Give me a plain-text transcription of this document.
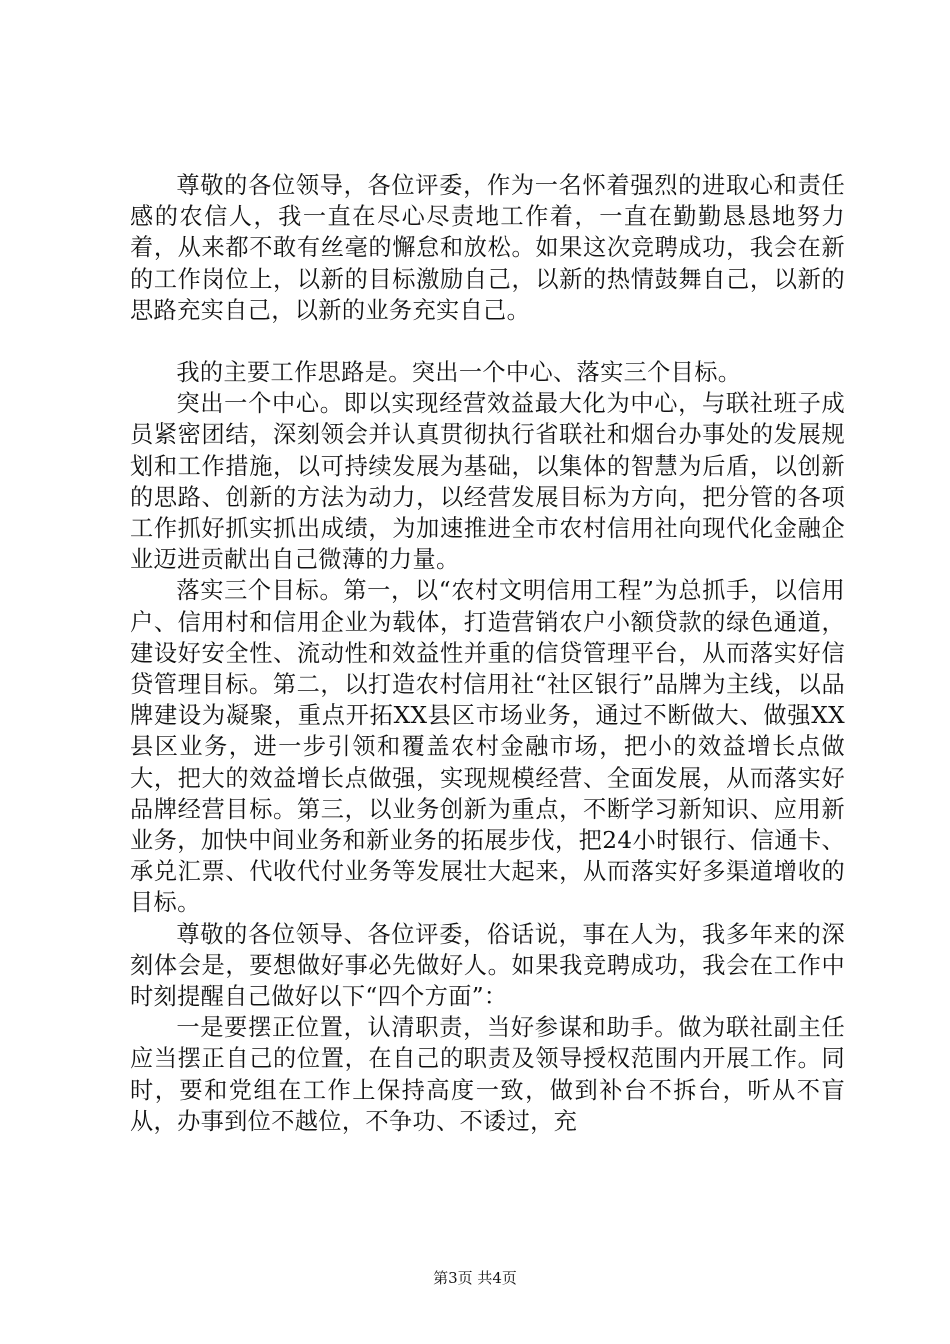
尊敬的各位领导，各位评委，作为一名怀着强烈的进取心和责任感的农信人，我一直在尽心尽责地工作着，一直在勤勤恳恳地努力着，从来都不敢有丝毫的懈怠和放松。如果这次竞聘成功，我会在新的工作岗位上，以新的目标激励自己，以新的热情鼓舞自己，以新的思路充实自己，以新的业务充实自己。

我的主要工作思路是。突出一个中心、落实三个目标。

突出一个中心。即以实现经营效益最大化为中心，与联社班子成员紧密团结，深刻领会并认真贯彻执行省联社和烟台办事处的发展规划和工作措施，以可持续发展为基础，以集体的智慧为后盾，以创新的思路、创新的方法为动力，以经营发展目标为方向，把分管的各项工作抓好抓实抓出成绩，为加速推进全市农村信用社向现代化金融企业迈进贡献出自己微薄的力量。

落实三个目标。第一，以“农村文明信用工程”为总抓手，以信用户、信用村和信用企业为载体，打造营销农户小额贷款的绿色通道，建设好安全性、流动性和效益性并重的信贷管理平台，从而落实好信贷管理目标。第二，以打造农村信用社“社区银行”品牌为主线，以品牌建设为凝聚，重点开拓XX县区市场业务，通过不断做大、做强XX县区业务，进一步引领和覆盖农村金融市场，把小的效益增长点做大，把大的效益增长点做强，实现规模经营、全面发展，从而落实好品牌经营目标。第三，以业务创新为重点，不断学习新知识、应用新业务，加快中间业务和新业务的拓展步伐，把24小时银行、信通卡、承兑汇票、代收代付业务等发展壮大起来，从而落实好多渠道增收的目标。

尊敬的各位领导、各位评委，俗话说，事在人为，我多年来的深刻体会是，要想做好事必先做好人。如果我竞聘成功，我会在工作中时刻提醒自己做好以下“四个方面”：

一是要摆正位置，认清职责，当好参谋和助手。做为联社副主任应当摆正自己的位置，在自己的职责及领导授权范围内开展工作。同时，要和党组在工作上保持高度一致，做到补台不拆台，听从不盲从，办事到位不越位，不争功、不诿过，充

第3页 共4页
